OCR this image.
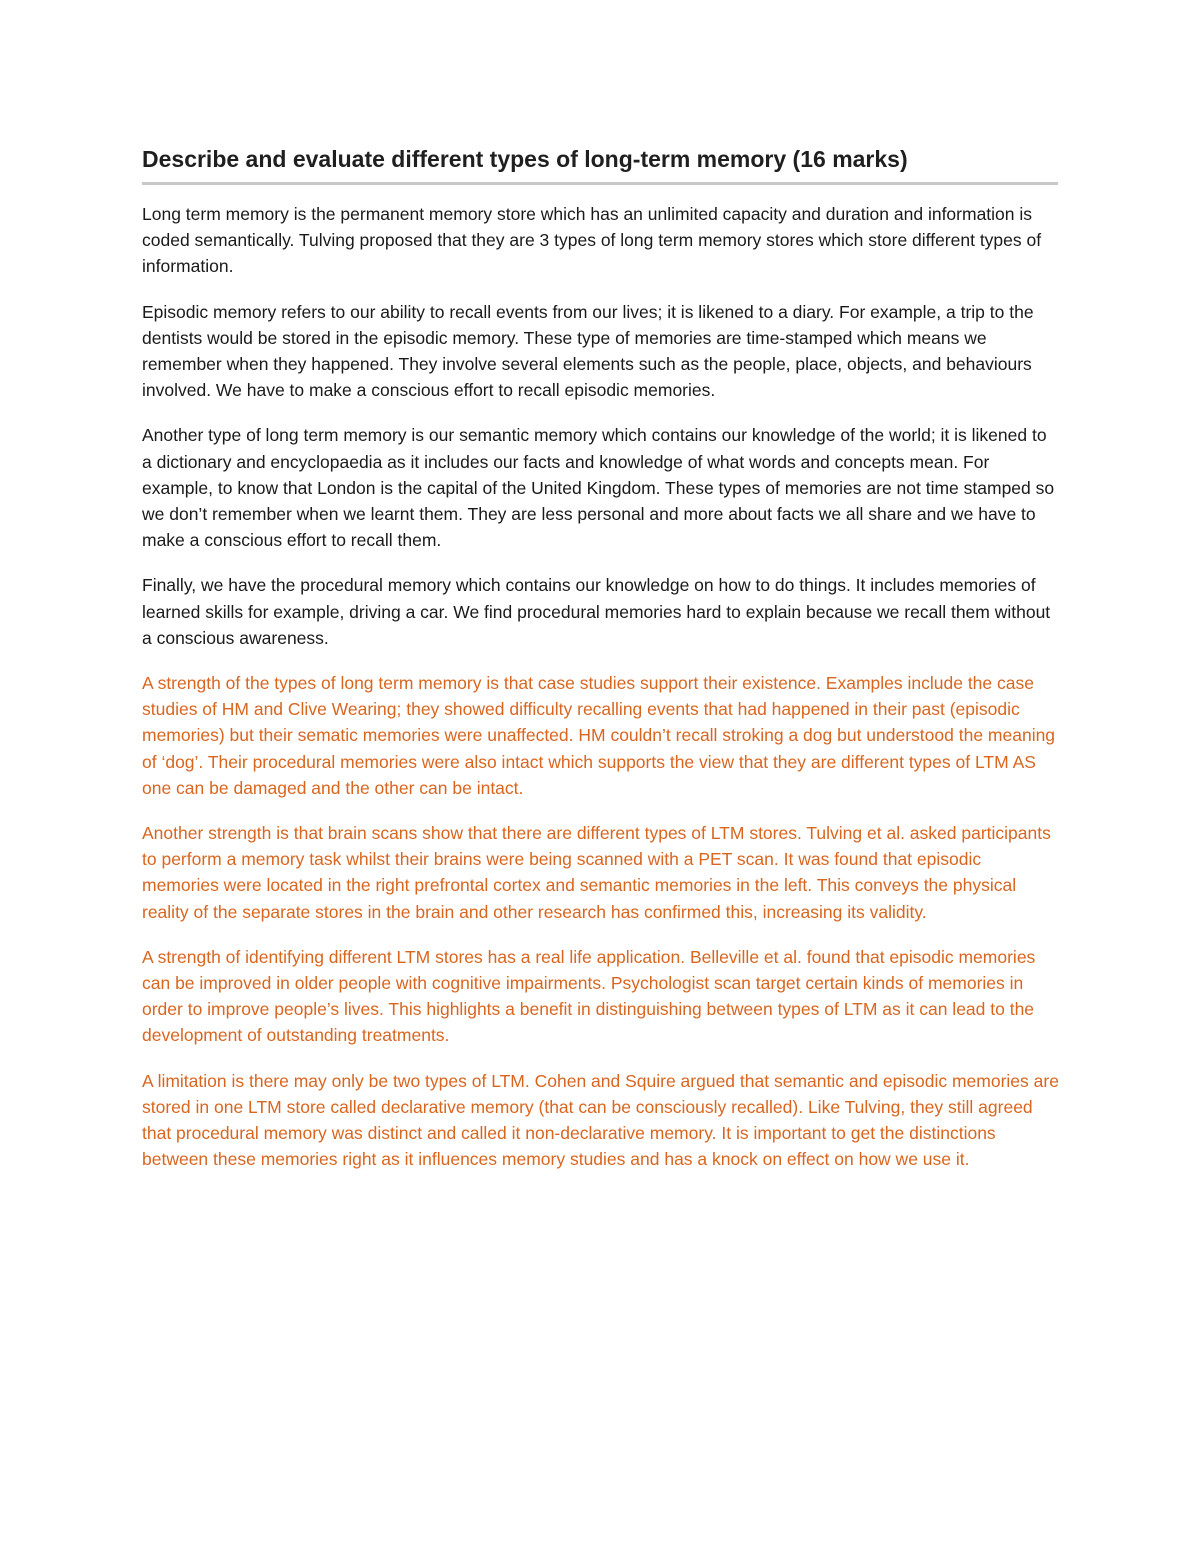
Describe and evaluate different types of long-term memory (16 marks)

Long term memory is the permanent memory store which has an unlimited capacity and duration and information is coded semantically. Tulving proposed that they are 3 types of long term memory stores which store different types of information.

Episodic memory refers to our ability to recall events from our lives; it is likened to a diary. For example, a trip to the dentists would be stored in the episodic memory. These type of memories are time-stamped which means we remember when they happened. They involve several elements such as the people, place, objects, and behaviours involved. We have to make a conscious effort to recall episodic memories.

Another type of long term memory is our semantic memory which contains our knowledge of the world; it is likened to a dictionary and encyclopaedia as it includes our facts and knowledge of what words and concepts mean. For example, to know that London is the capital of the United Kingdom. These types of memories are not time stamped so we don’t remember when we learnt them. They are less personal and more about facts we all share and we have to make a conscious effort to recall them.

Finally, we have the procedural memory which contains our knowledge on how to do things. It includes memories of learned skills for example, driving a car. We find procedural memories hard to explain because we recall them without a conscious awareness.

A strength of the types of long term memory is that case studies support their existence. Examples include the case studies of HM and Clive Wearing; they showed difficulty recalling events that had happened in their past (episodic memories) but their sematic memories were unaffected. HM couldn’t recall stroking a dog but understood the meaning of ‘dog’. Their procedural memories were also intact which supports the view that they are different types of LTM AS one can be damaged and the other can be intact.

Another strength is that brain scans show that there are different types of LTM stores. Tulving et al. asked participants to perform a memory task whilst their brains were being scanned with a PET scan. It was found that episodic memories were located in the right prefrontal cortex and semantic memories in the left. This conveys the physical reality of the separate stores in the brain and other research has confirmed this, increasing its validity.

A strength of identifying different LTM stores has a real life application. Belleville et al. found that episodic memories can be improved in older people with cognitive impairments. Psychologist scan target certain kinds of memories in order to improve people’s lives. This highlights a benefit in distinguishing between types of LTM as it can lead to the development of outstanding treatments.

A limitation is there may only be two types of LTM. Cohen and Squire argued that semantic and episodic memories are stored in one LTM store called declarative memory (that can be consciously recalled). Like Tulving, they still agreed that procedural memory was distinct and called it non-declarative memory. It is important to get the distinctions between these memories right as it influences memory studies and has a knock on effect on how we use it.
